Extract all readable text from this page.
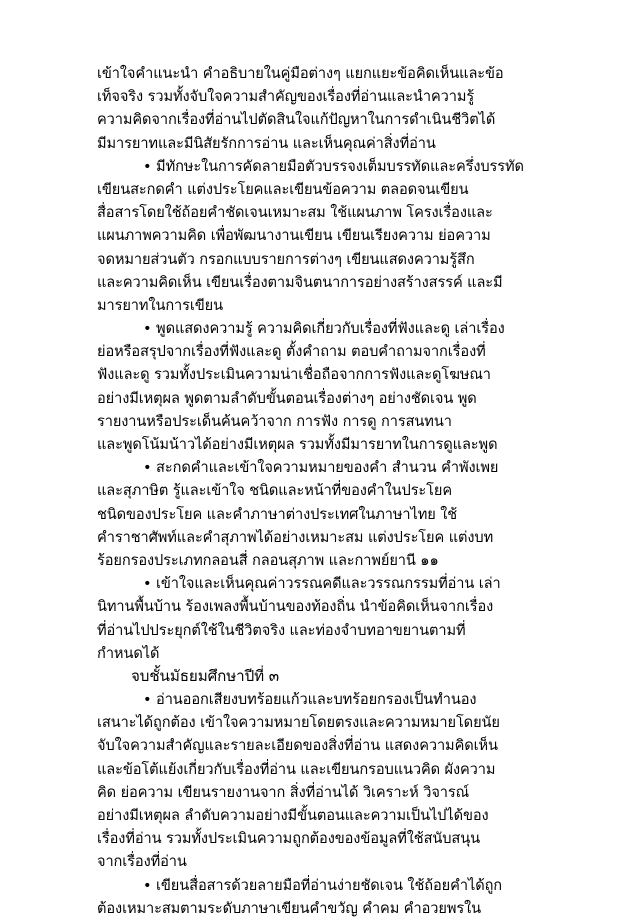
เข้าใจคำแนะนำ คำอธิบายในคู่มือต่างๆ แยกแยะข้อคิดเห็นและข้อ
เท็จจริง รวมทั้งจับใจความสำคัญของเรื่องที่อ่านและนำความรู้
ความคิดจากเรื่องที่อ่านไปตัดสินใจแก้ปัญหาในการดำเนินชีวิตได้
มีมารยาทและมีนิสัยรักการอ่าน และเห็นคุณค่าสิ่งที่อ่าน
• มีทักษะในการคัดลายมือตัวบรรจงเต็มบรรทัดและครึ่งบรรทัด
เขียนสะกดคำ แต่งประโยคและเขียนข้อความ ตลอดจนเขียน
สื่อสารโดยใช้ถ้อยคำชัดเจนเหมาะสม ใช้แผนภาพ โครงเรื่องและ
แผนภาพความคิด เพื่อพัฒนางานเขียน เขียนเรียงความ ย่อความ
จดหมายส่วนตัว กรอกแบบรายการต่างๆ เขียนแสดงความรู้สึก
และความคิดเห็น เขียนเรื่องตามจินตนาการอย่างสร้างสรรค์ และมี
มารยาทในการเขียน
• พูดแสดงความรู้ ความคิดเกี่ยวกับเรื่องที่ฟังและดู เล่าเรื่อง
ย่อหรือสรุปจากเรื่องที่ฟังและดู ตั้งคำถาม ตอบคำถามจากเรื่องที่
ฟังและดู รวมทั้งประเมินความน่าเชื่อถือจากการฟังและดูโฆษณา
อย่างมีเหตุผล พูดตามลำดับขั้นตอนเรื่องต่างๆ อย่างชัดเจน พูด
รายงานหรือประเด็นค้นคว้าจาก การฟัง การดู การสนทนา
และพูดโน้มน้าวได้อย่างมีเหตุผล รวมทั้งมีมารยาทในการดูและพูด
• สะกดคำและเข้าใจความหมายของคำ สำนวน คำพังเพย
และสุภาษิต รู้และเข้าใจ ชนิดและหน้าที่ของคำในประโยค
ชนิดของประโยค และคำภาษาต่างประเทศในภาษาไทย ใช้
คำราชาศัพท์และคำสุภาพได้อย่างเหมาะสม แต่งประโยค แต่งบท
ร้อยกรองประเภทกลอนสี่ กลอนสุภาพ และกาพย์ยานี ๑๑
• เข้าใจและเห็นคุณค่าวรรณคดีและวรรณกรรมที่อ่าน เล่า
นิทานพื้นบ้าน ร้องเพลงพื้นบ้านของท้องถิ่น นำข้อคิดเห็นจากเรื่อง
ที่อ่านไปประยุกต์ใช้ในชีวิตจริง และท่องจำบทอาขยานตามที่
กำหนดได้
จบชั้นมัธยมศึกษาปีที่ ๓
• อ่านออกเสียงบทร้อยแก้วและบทร้อยกรองเป็นทำนอง
เสนาะได้ถูกต้อง เข้าใจความหมายโดยตรงและความหมายโดยนัย
จับใจความสำคัญและรายละเอียดของสิ่งที่อ่าน แสดงความคิดเห็น
และข้อโต้แย้งเกี่ยวกับเรื่องที่อ่าน และเขียนกรอบแนวคิด ผังความ
คิด ย่อความ เขียนรายงานจาก สิ่งที่อ่านได้ วิเคราะห์ วิจารณ์
อย่างมีเหตุผล ลำดับความอย่างมีขั้นตอนและความเป็นไปได้ของ
เรื่องที่อ่าน รวมทั้งประเมินความถูกต้องของข้อมูลที่ใช้สนับสนุน
จากเรื่องที่อ่าน
• เขียนสื่อสารด้วยลายมือที่อ่านง่ายชัดเจน ใช้ถ้อยคำได้ถูก
ต้องเหมาะสมตามระดับภาษาเขียนคำขวัญ คำคม คำอวยพรใน
